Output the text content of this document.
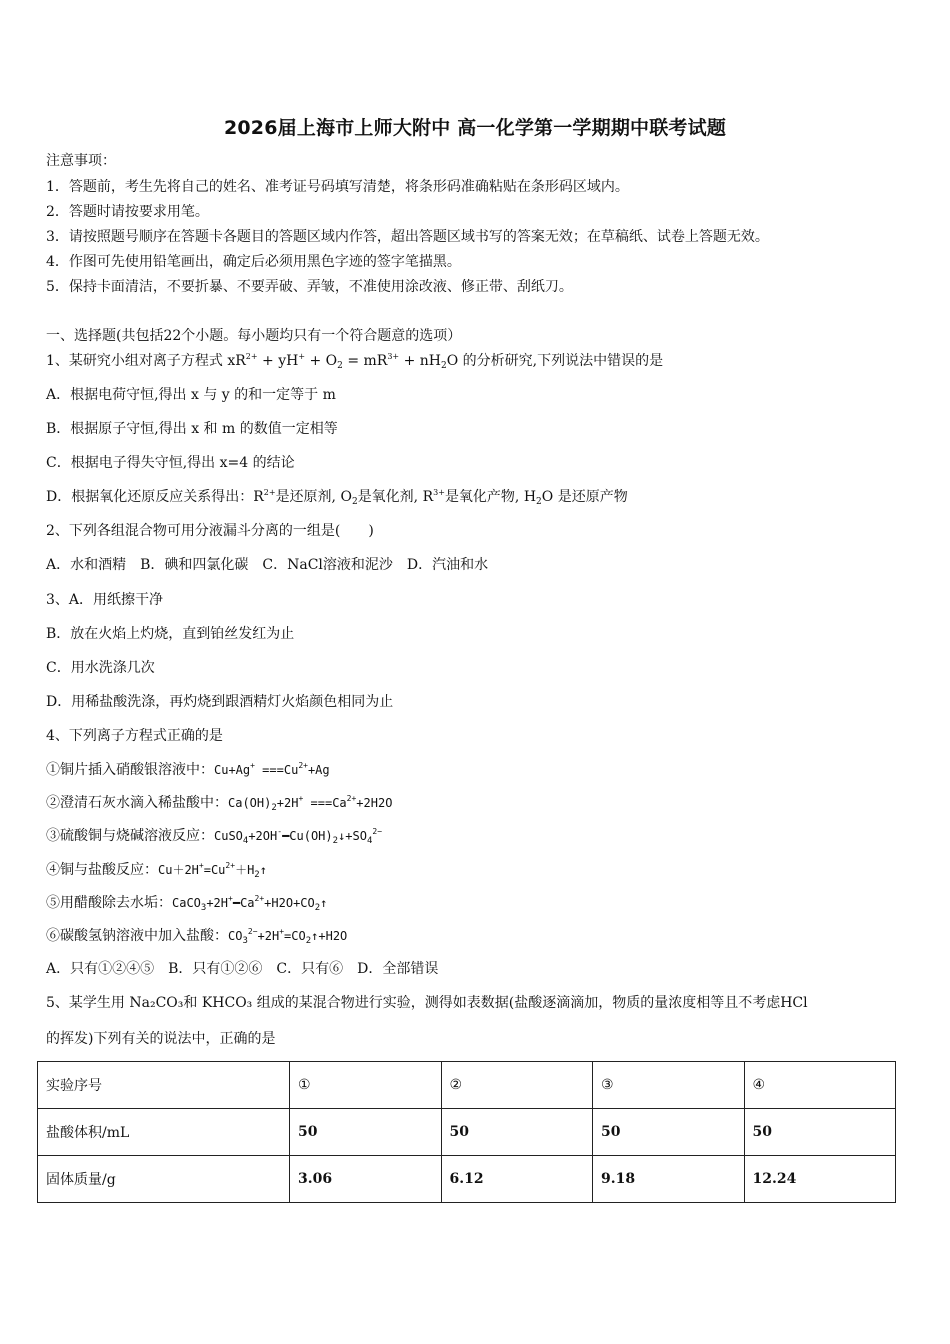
2026届上海市上师大附中 高一化学第一学期期中联考试题
注意事项：
1．答题前，考生先将自己的姓名、准考证号码填写清楚，将条形码准确粘贴在条形码区域内。
2．答题时请按要求用笔。
3．请按照题号顺序在答题卡各题目的答题区域内作答，超出答题区域书写的答案无效；在草稿纸、试卷上答题无效。
4．作图可先使用铅笔画出，确定后必须用黑色字迹的签字笔描黑。
5．保持卡面清洁，不要折暴、不要弄破、弄皱，不准使用涂改液、修正带、刮纸刀。
一、选择题(共包括22个小题。每小题均只有一个符合题意的选项）
1、某研究小组对离子方程式 $xR^{2+} + yH^+ + O_2 = mR^{3+} + nH_2O$ 的分析研究,下列说法中错误的是
A．根据电荷守恒,得出 x 与 y 的和一定等于 m
B．根据原子守恒,得出 x 和 m 的数值一定相等
C．根据电子得失守恒,得出 x=4 的结论
D．根据氧化还原反应关系得出：$R^{2+}$是还原剂, $O_2$是氧化剂, $R^{3+}$是氧化产物, $H_2O$ 是还原产物
2、下列各组混合物可用分液漏斗分离的一组是(　　)
A．水和酒精　B．碘和四氯化碳　C．NaCl溶液和泥沙　D．汽油和水
3、A．用纸擦干净
B．放在火焰上灼烧，直到铂丝发红为止
C．用水洗涤几次
D．用稀盐酸洗涤，再灼烧到跟酒精灯火焰颜色相同为止
4、下列离子方程式正确的是
①铜片插入硝酸银溶液中：$Cu+Ag^+ ===Cu^{2+}+Ag$
②澄清石灰水滴入稀盐酸中：$Ca(OH)_2+2H^+ ===Ca^{2+}+2H2O$
③硫酸铜与烧碱溶液反应：$CuSO_4+2OH^-━Cu(OH)_2↓+SO_4^{2-}$
④铜与盐酸反应：$Cu+2H^+=Cu^{2+}+H_2↑$
⑤用醋酸除去水垢：$CaCO_3+2H^+━Ca^{2+}+H2O+CO_2↑$
⑥碳酸氢钠溶液中加入盐酸：$CO_3^{2-}+2H^+=CO_2↑+H2O$
A．只有①②④⑤　B．只有①②⑥　C．只有⑥　D．全部错误
5、某学生用 Na₂CO₃和 KHCO₃ 组成的某混合物进行实验，测得如表数据(盐酸逐滴滴加，物质的量浓度相等且不考虑HCl
的挥发)下列有关的说法中，正确的是
实验序号	①	②	③	④
盐酸体积/mL	50	50	50	50
固体质量/g	3.06	6.12	9.18	12.24
